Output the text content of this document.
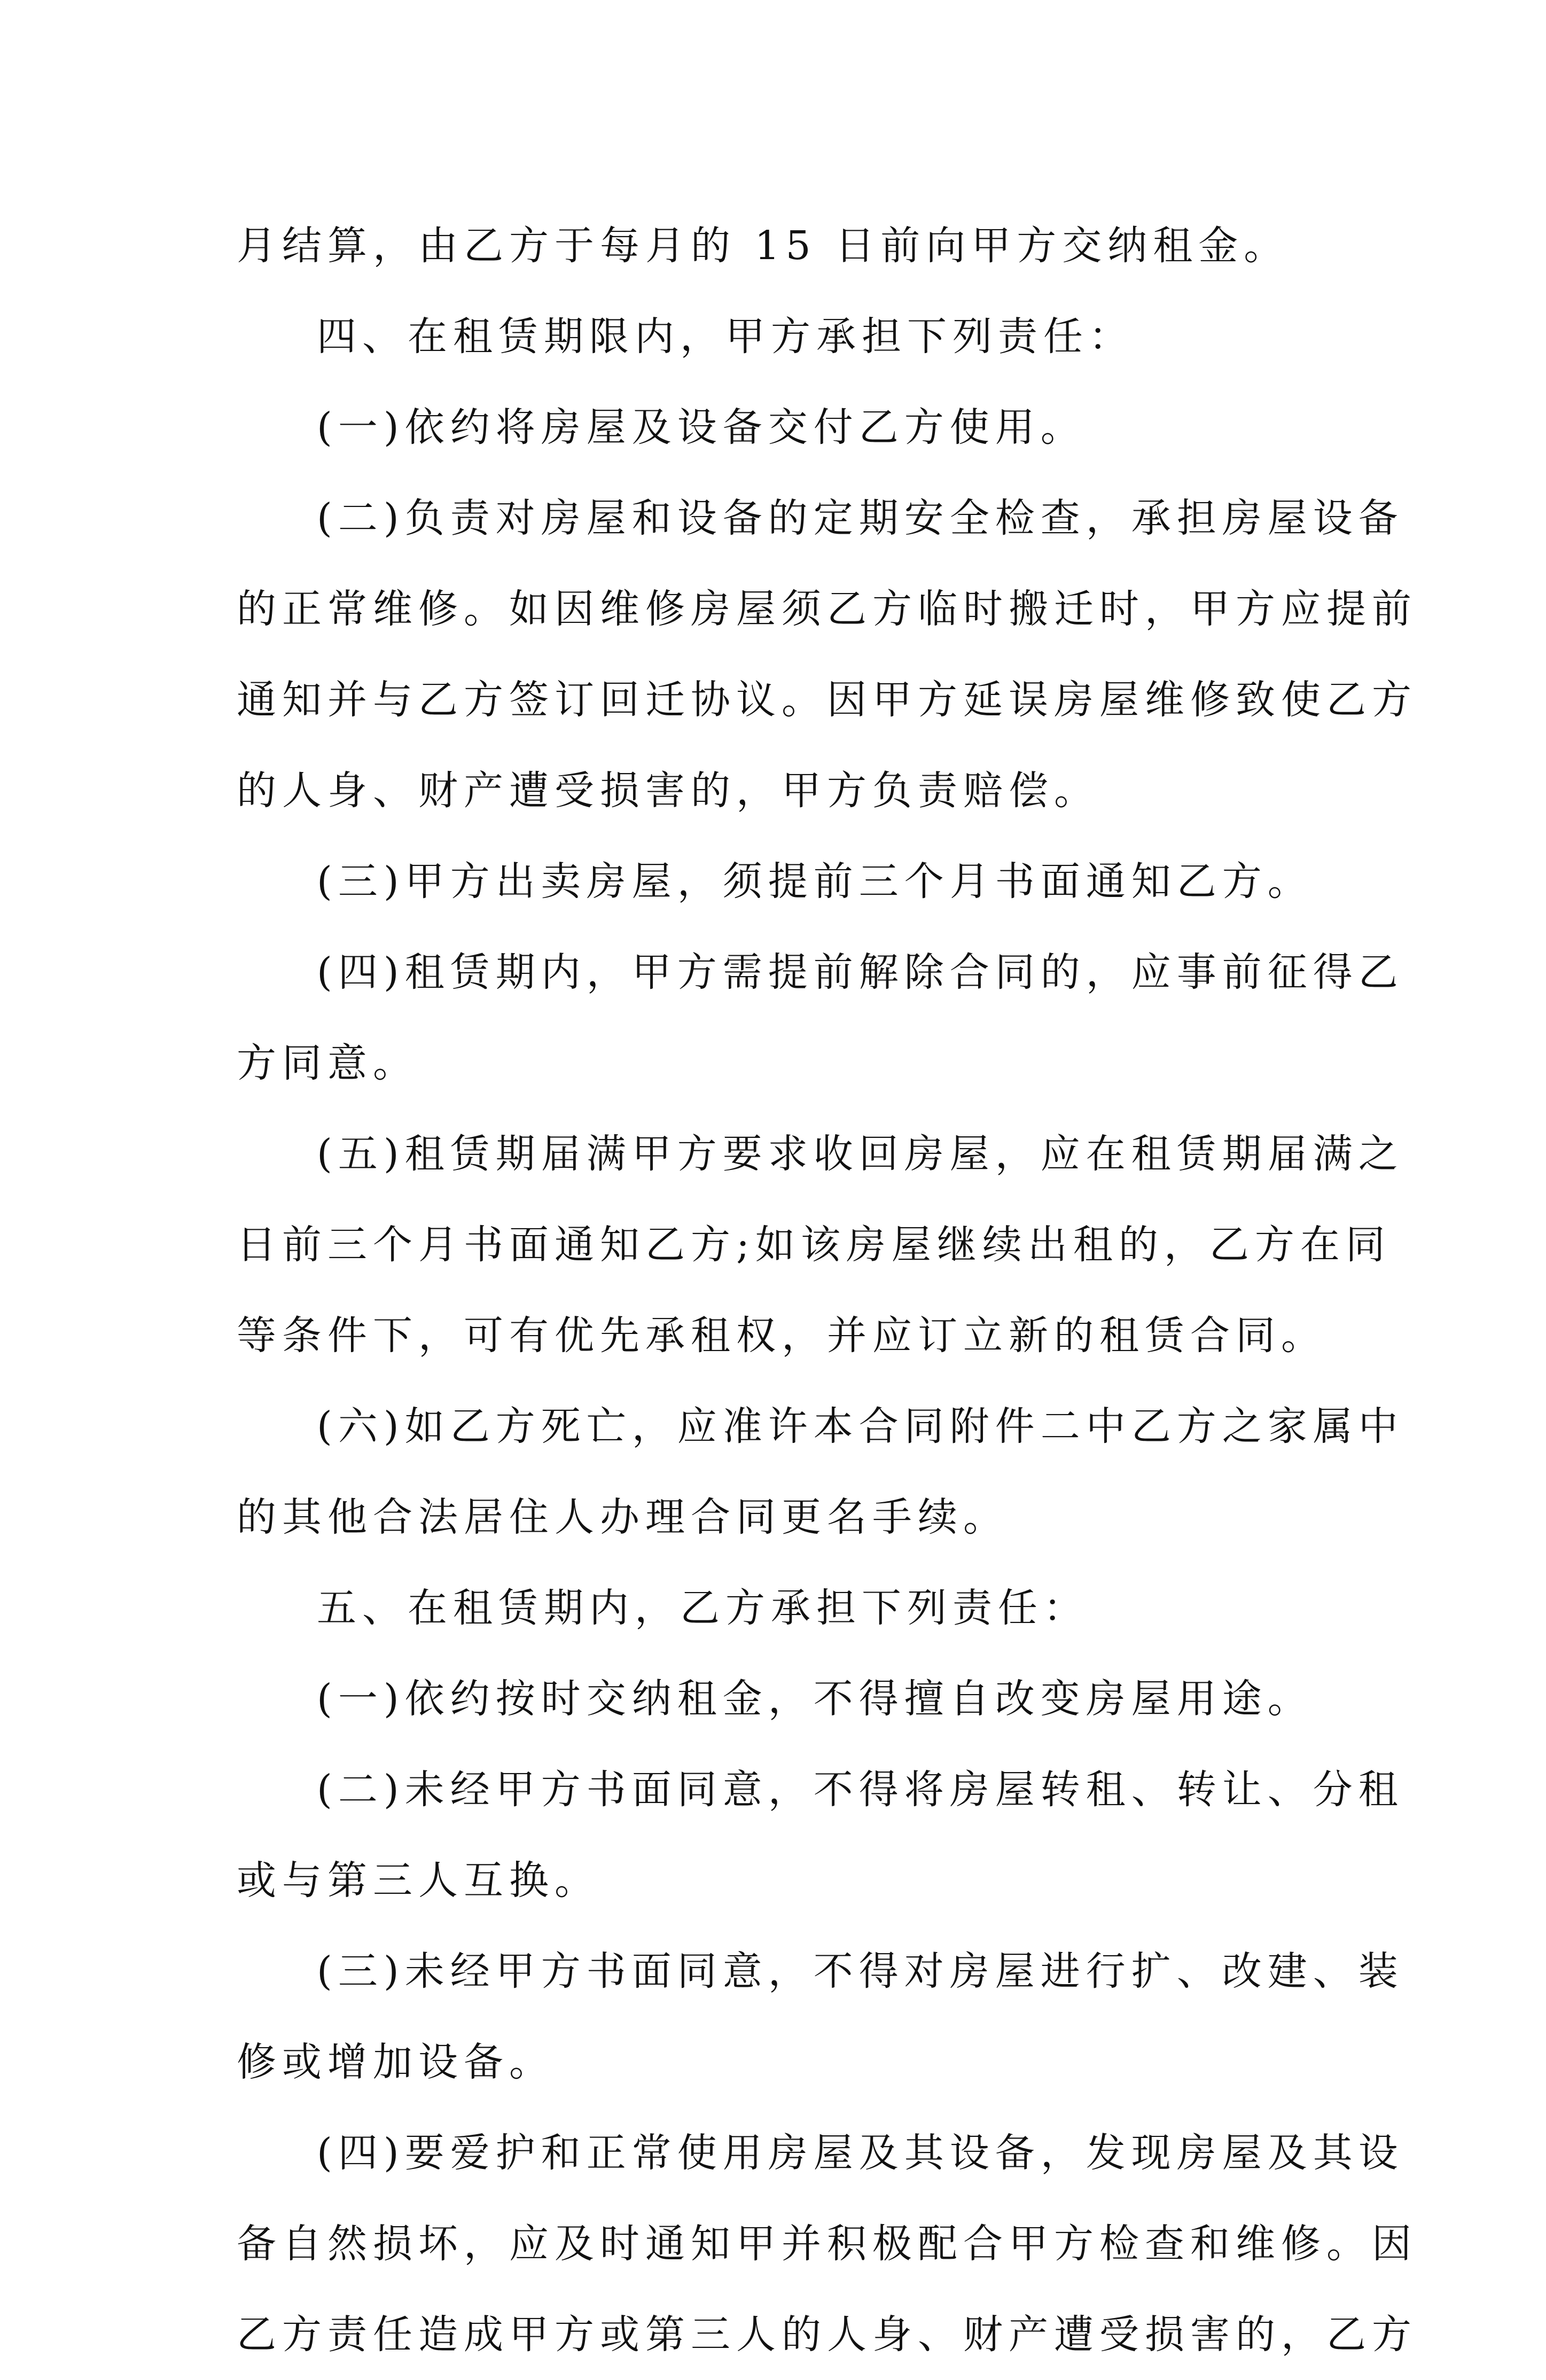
月结算，由乙方于每月的 15 日前向甲方交纳租金。
四、在租赁期限内，甲方承担下列责任：
(一)依约将房屋及设备交付乙方使用。
(二)负责对房屋和设备的定期安全检查，承担房屋设备
的正常维修。如因维修房屋须乙方临时搬迁时，甲方应提前
通知并与乙方签订回迁协议。因甲方延误房屋维修致使乙方
的人身、财产遭受损害的，甲方负责赔偿。
(三)甲方出卖房屋，须提前三个月书面通知乙方。
(四)租赁期内，甲方需提前解除合同的，应事前征得乙
方同意。
(五)租赁期届满甲方要求收回房屋，应在租赁期届满之
日前三个月书面通知乙方;如该房屋继续出租的，乙方在同
等条件下，可有优先承租权，并应订立新的租赁合同。
(六)如乙方死亡，应准许本合同附件二中乙方之家属中
的其他合法居住人办理合同更名手续。
五、在租赁期内，乙方承担下列责任：
(一)依约按时交纳租金，不得擅自改变房屋用途。
(二)未经甲方书面同意，不得将房屋转租、转让、分租
或与第三人互换。
(三)未经甲方书面同意，不得对房屋进行扩、改建、装
修或增加设备。
(四)要爱护和正常使用房屋及其设备，发现房屋及其设
备自然损坏，应及时通知甲并积极配合甲方检查和维修。因
乙方责任造成甲方或第三人的人身、财产遭受损害的，乙方
